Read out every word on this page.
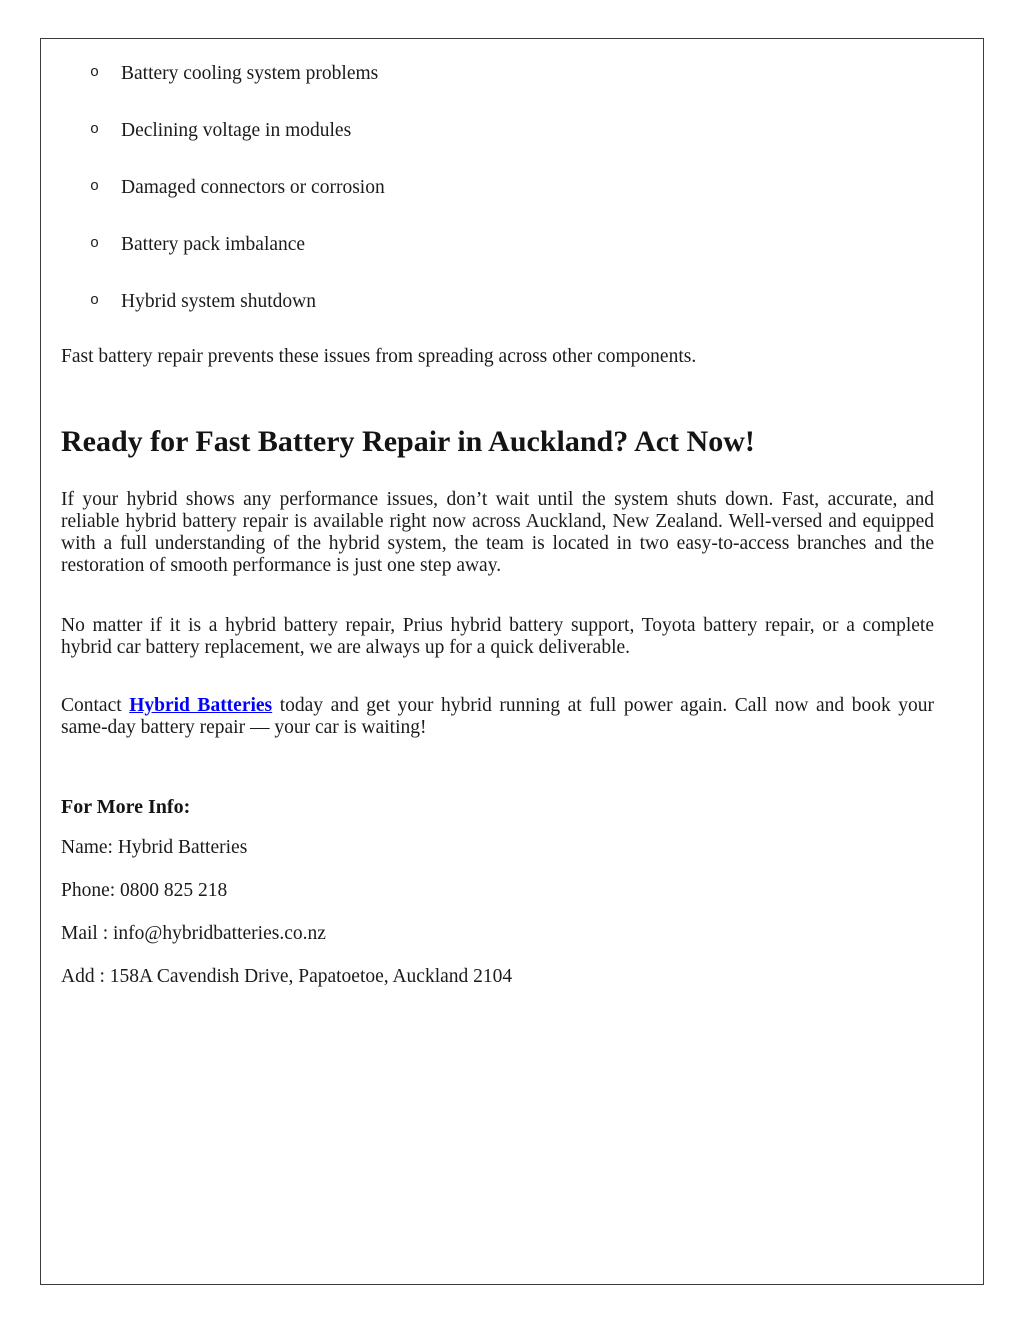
o Battery cooling system problems
o Declining voltage in modules
o Damaged connectors or corrosion
o Battery pack imbalance
o Hybrid system shutdown

Fast battery repair prevents these issues from spreading across other components.

Ready for Fast Battery Repair in Auckland? Act Now!

If your hybrid shows any performance issues, don’t wait until the system shuts down. Fast, accurate, and reliable hybrid battery repair is available right now across Auckland, New Zealand. Well-versed and equipped with a full understanding of the hybrid system, the team is located in two easy-to-access branches and the restoration of smooth performance is just one step away.

No matter if it is a hybrid battery repair, Prius hybrid battery support, Toyota battery repair, or a complete hybrid car battery replacement, we are always up for a quick deliverable.

Contact Hybrid Batteries today and get your hybrid running at full power again. Call now and book your same-day battery repair — your car is waiting!

For More Info:

Name: Hybrid Batteries

Phone: 0800 825 218

Mail : info@hybridbatteries.co.nz

Add : 158A Cavendish Drive, Papatoetoe, Auckland 2104
